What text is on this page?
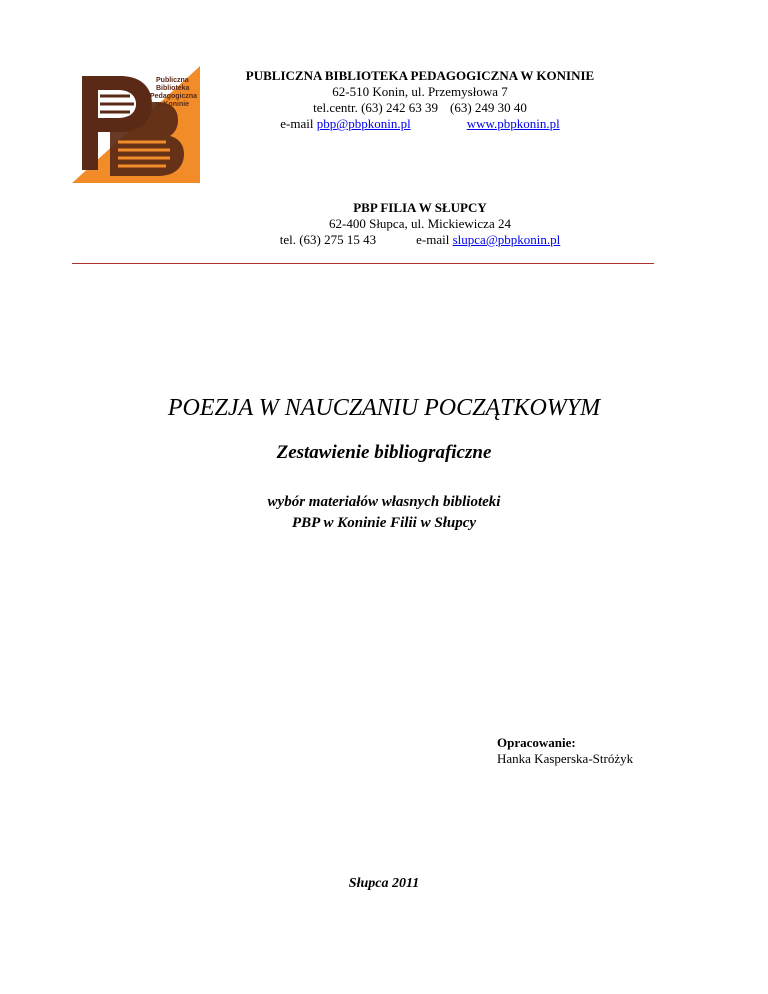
Publiczna
Biblioteka
Pedagogiczna
w Koninie
PUBLICZNA BIBLIOTEKA PEDAGOGICZNA W KONINIE
62-510 Konin, ul. Przemysłowa 7
tel.centr. (63) 242 63 39 (63) 249 30 40
e-mail
pbp@pbpkonin.pl	www.pbpkonin.pl
PBP FILIA W SŁUPCY
62-400 Słupca, ul. Mickiewicza 24
tel. (63) 275 15 43	e-mail
slupca@pbpkonin.pl
POEZJA W NAUCZANIU POCZĄTKOWYM
Zestawienie bibliograficzne
wybór materiałów własnych biblioteki
PBP w Koninie Filii w Słupcy
Opracowanie:
Hanka Kasperska-Stróżyk
Słupca 2011
